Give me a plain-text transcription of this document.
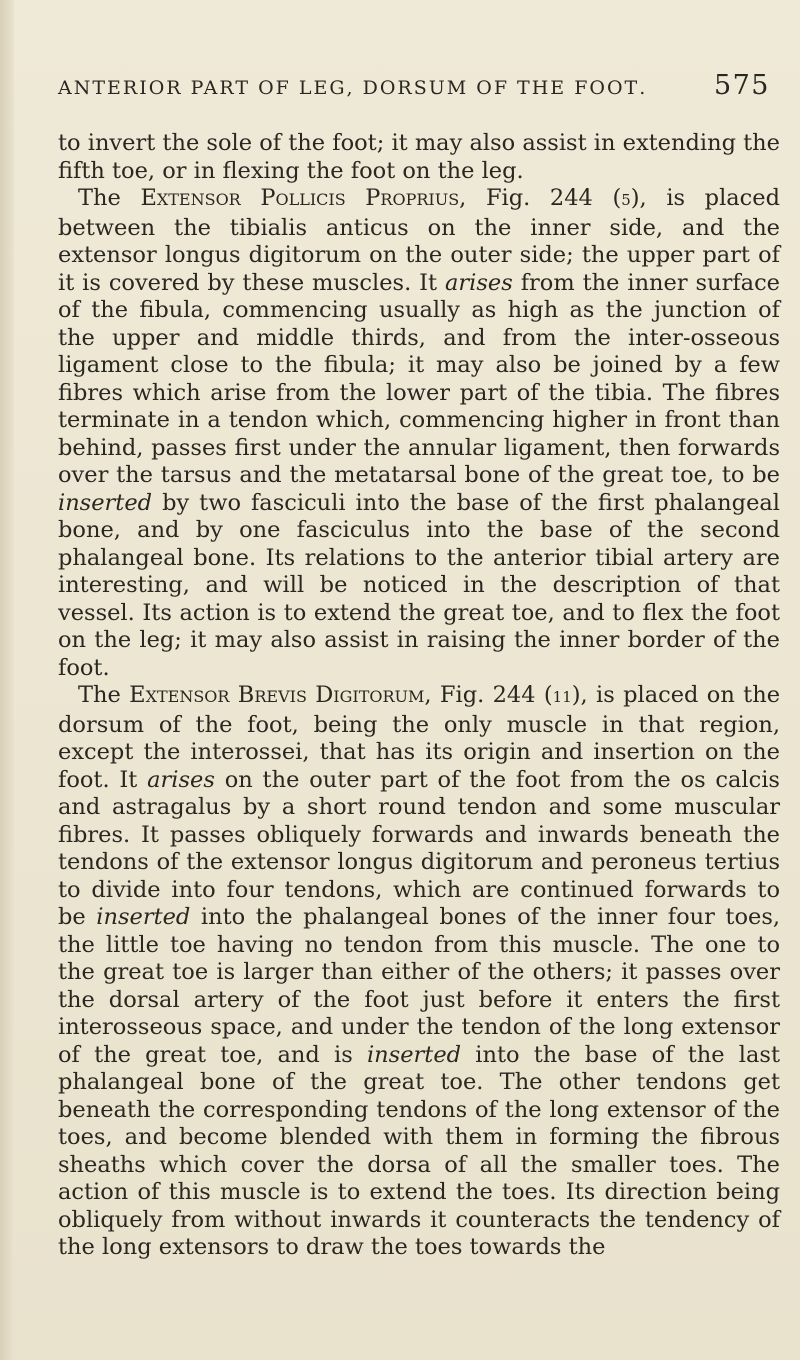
anterior part of leg, dorsum of the foot. 575

to invert the sole of the foot; it may also assist in extending the fifth toe, or in flexing the foot on the leg.

The Extensor Pollicis Proprius, Fig. 244 (5), is placed between the tibialis anticus on the inner side, and the extensor longus digitorum on the outer side; the upper part of it is covered by these muscles. It arises from the inner surface of the fibula, commencing usually as high as the junction of the upper and middle thirds, and from the inter-osseous ligament close to the fibula; it may also be joined by a few fibres which arise from the lower part of the tibia. The fibres terminate in a tendon which, commencing higher in front than behind, passes first under the annular ligament, then forwards over the tarsus and the metatarsal bone of the great toe, to be inserted by two fasciculi into the base of the first phalangeal bone, and by one fasciculus into the base of the second phalangeal bone. Its relations to the anterior tibial artery are interesting, and will be noticed in the description of that vessel. Its action is to extend the great toe, and to flex the foot on the leg; it may also assist in raising the inner border of the foot.

The Extensor Brevis Digitorum, Fig. 244 (11), is placed on the dorsum of the foot, being the only muscle in that region, except the interossei, that has its origin and insertion on the foot. It arises on the outer part of the foot from the os calcis and astragalus by a short round tendon and some muscular fibres. It passes obliquely forwards and inwards beneath the tendons of the extensor longus digitorum and peroneus tertius to divide into four tendons, which are continued forwards to be inserted into the phalangeal bones of the inner four toes, the little toe having no tendon from this muscle. The one to the great toe is larger than either of the others; it passes over the dorsal artery of the foot just before it enters the first interosseous space, and under the tendon of the long extensor of the great toe, and is inserted into the base of the last phalangeal bone of the great toe. The other tendons get beneath the corresponding tendons of the long extensor of the toes, and become blended with them in forming the fibrous sheaths which cover the dorsa of all the smaller toes. The action of this muscle is to extend the toes. Its direction being obliquely from without inwards it counteracts the tendency of the long extensors to draw the toes towards the
